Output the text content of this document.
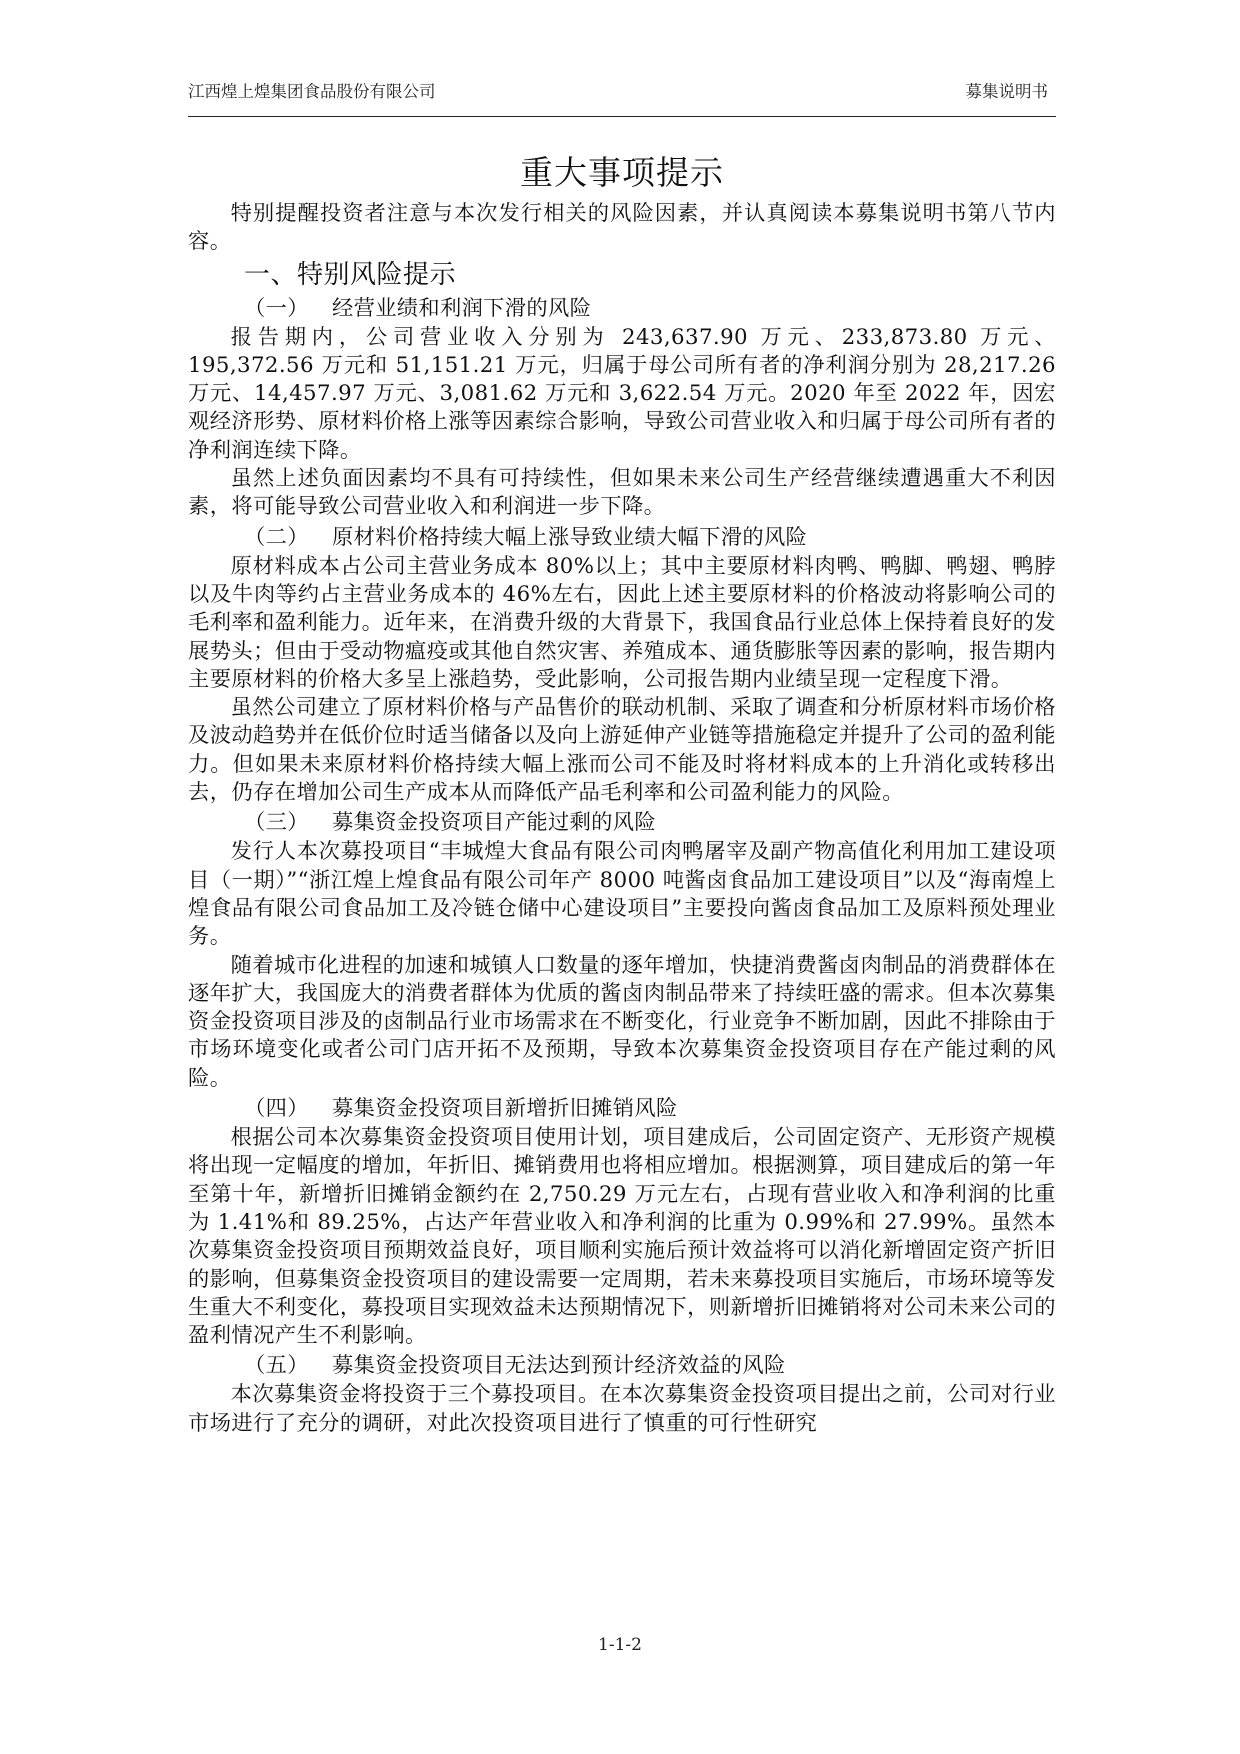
江西煌上煌集团食品股份有限公司	募集说明书
重大事项提示

特别提醒投资者注意与本次发行相关的风险因素，并认真阅读本募集说明书第八节内容。

一、特别风险提示
（一） 经营业绩和利润下滑的风险

报告期内，公司营业收入分别为 243,637.90 万元、233,873.80 万元、195,372.56 万元和 51,151.21 万元，归属于母公司所有者的净利润分别为 28,217.26 万元、14,457.97 万元、3,081.62 万元和 3,622.54 万元。2020 年至 2022 年，因宏观经济形势、原材料价格上涨等因素综合影响，导致公司营业收入和归属于母公司所有者的净利润连续下降。

虽然上述负面因素均不具有可持续性，但如果未来公司生产经营继续遭遇重大不利因素，将可能导致公司营业收入和利润进一步下降。

（二） 原材料价格持续大幅上涨导致业绩大幅下滑的风险

原材料成本占公司主营业务成本 80%以上；其中主要原材料肉鸭、鸭脚、鸭翅、鸭脖以及牛肉等约占主营业务成本的 46%左右，因此上述主要原材料的价格波动将影响公司的毛利率和盈利能力。近年来，在消费升级的大背景下，我国食品行业总体上保持着良好的发展势头；但由于受动物瘟疫或其他自然灾害、养殖成本、通货膨胀等因素的影响，报告期内主要原材料的价格大多呈上涨趋势，受此影响，公司报告期内业绩呈现一定程度下滑。

虽然公司建立了原材料价格与产品售价的联动机制、采取了调查和分析原材料市场价格及波动趋势并在低价位时适当储备以及向上游延伸产业链等措施稳定并提升了公司的盈利能力。但如果未来原材料价格持续大幅上涨而公司不能及时将材料成本的上升消化或转移出去，仍存在增加公司生产成本从而降低产品毛利率和公司盈利能力的风险。

（三） 募集资金投资项目产能过剩的风险

发行人本次募投项目“丰城煌大食品有限公司肉鸭屠宰及副产物高值化利用加工建设项目（一期）”“浙江煌上煌食品有限公司年产 8000 吨酱卤食品加工建设项目”以及“海南煌上煌食品有限公司食品加工及冷链仓储中心建设项目”主要投向酱卤食品加工及原料预处理业务。

随着城市化进程的加速和城镇人口数量的逐年增加，快捷消费酱卤肉制品的消费群体在逐年扩大，我国庞大的消费者群体为优质的酱卤肉制品带来了持续旺盛的需求。但本次募集资金投资项目涉及的卤制品行业市场需求在不断变化，行业竞争不断加剧，因此不排除由于市场环境变化或者公司门店开拓不及预期，导致本次募集资金投资项目存在产能过剩的风险。

（四） 募集资金投资项目新增折旧摊销风险

根据公司本次募集资金投资项目使用计划，项目建成后，公司固定资产、无形资产规模将出现一定幅度的增加，年折旧、摊销费用也将相应增加。根据测算，项目建成后的第一年至第十年，新增折旧摊销金额约在 2,750.29 万元左右，占现有营业收入和净利润的比重为 1.41%和 89.25%，占达产年营业收入和净利润的比重为 0.99%和 27.99%。虽然本次募集资金投资项目预期效益良好，项目顺利实施后预计效益将可以消化新增固定资产折旧的影响，但募集资金投资项目的建设需要一定周期，若未来募投项目实施后，市场环境等发生重大不利变化，募投项目实现效益未达预期情况下，则新增折旧摊销将对公司未来公司的盈利情况产生不利影响。

（五） 募集资金投资项目无法达到预计经济效益的风险

本次募集资金将投资于三个募投项目。在本次募集资金投资项目提出之前，公司对行业市场进行了充分的调研，对此次投资项目进行了慎重的可行性研究

1-1-2
